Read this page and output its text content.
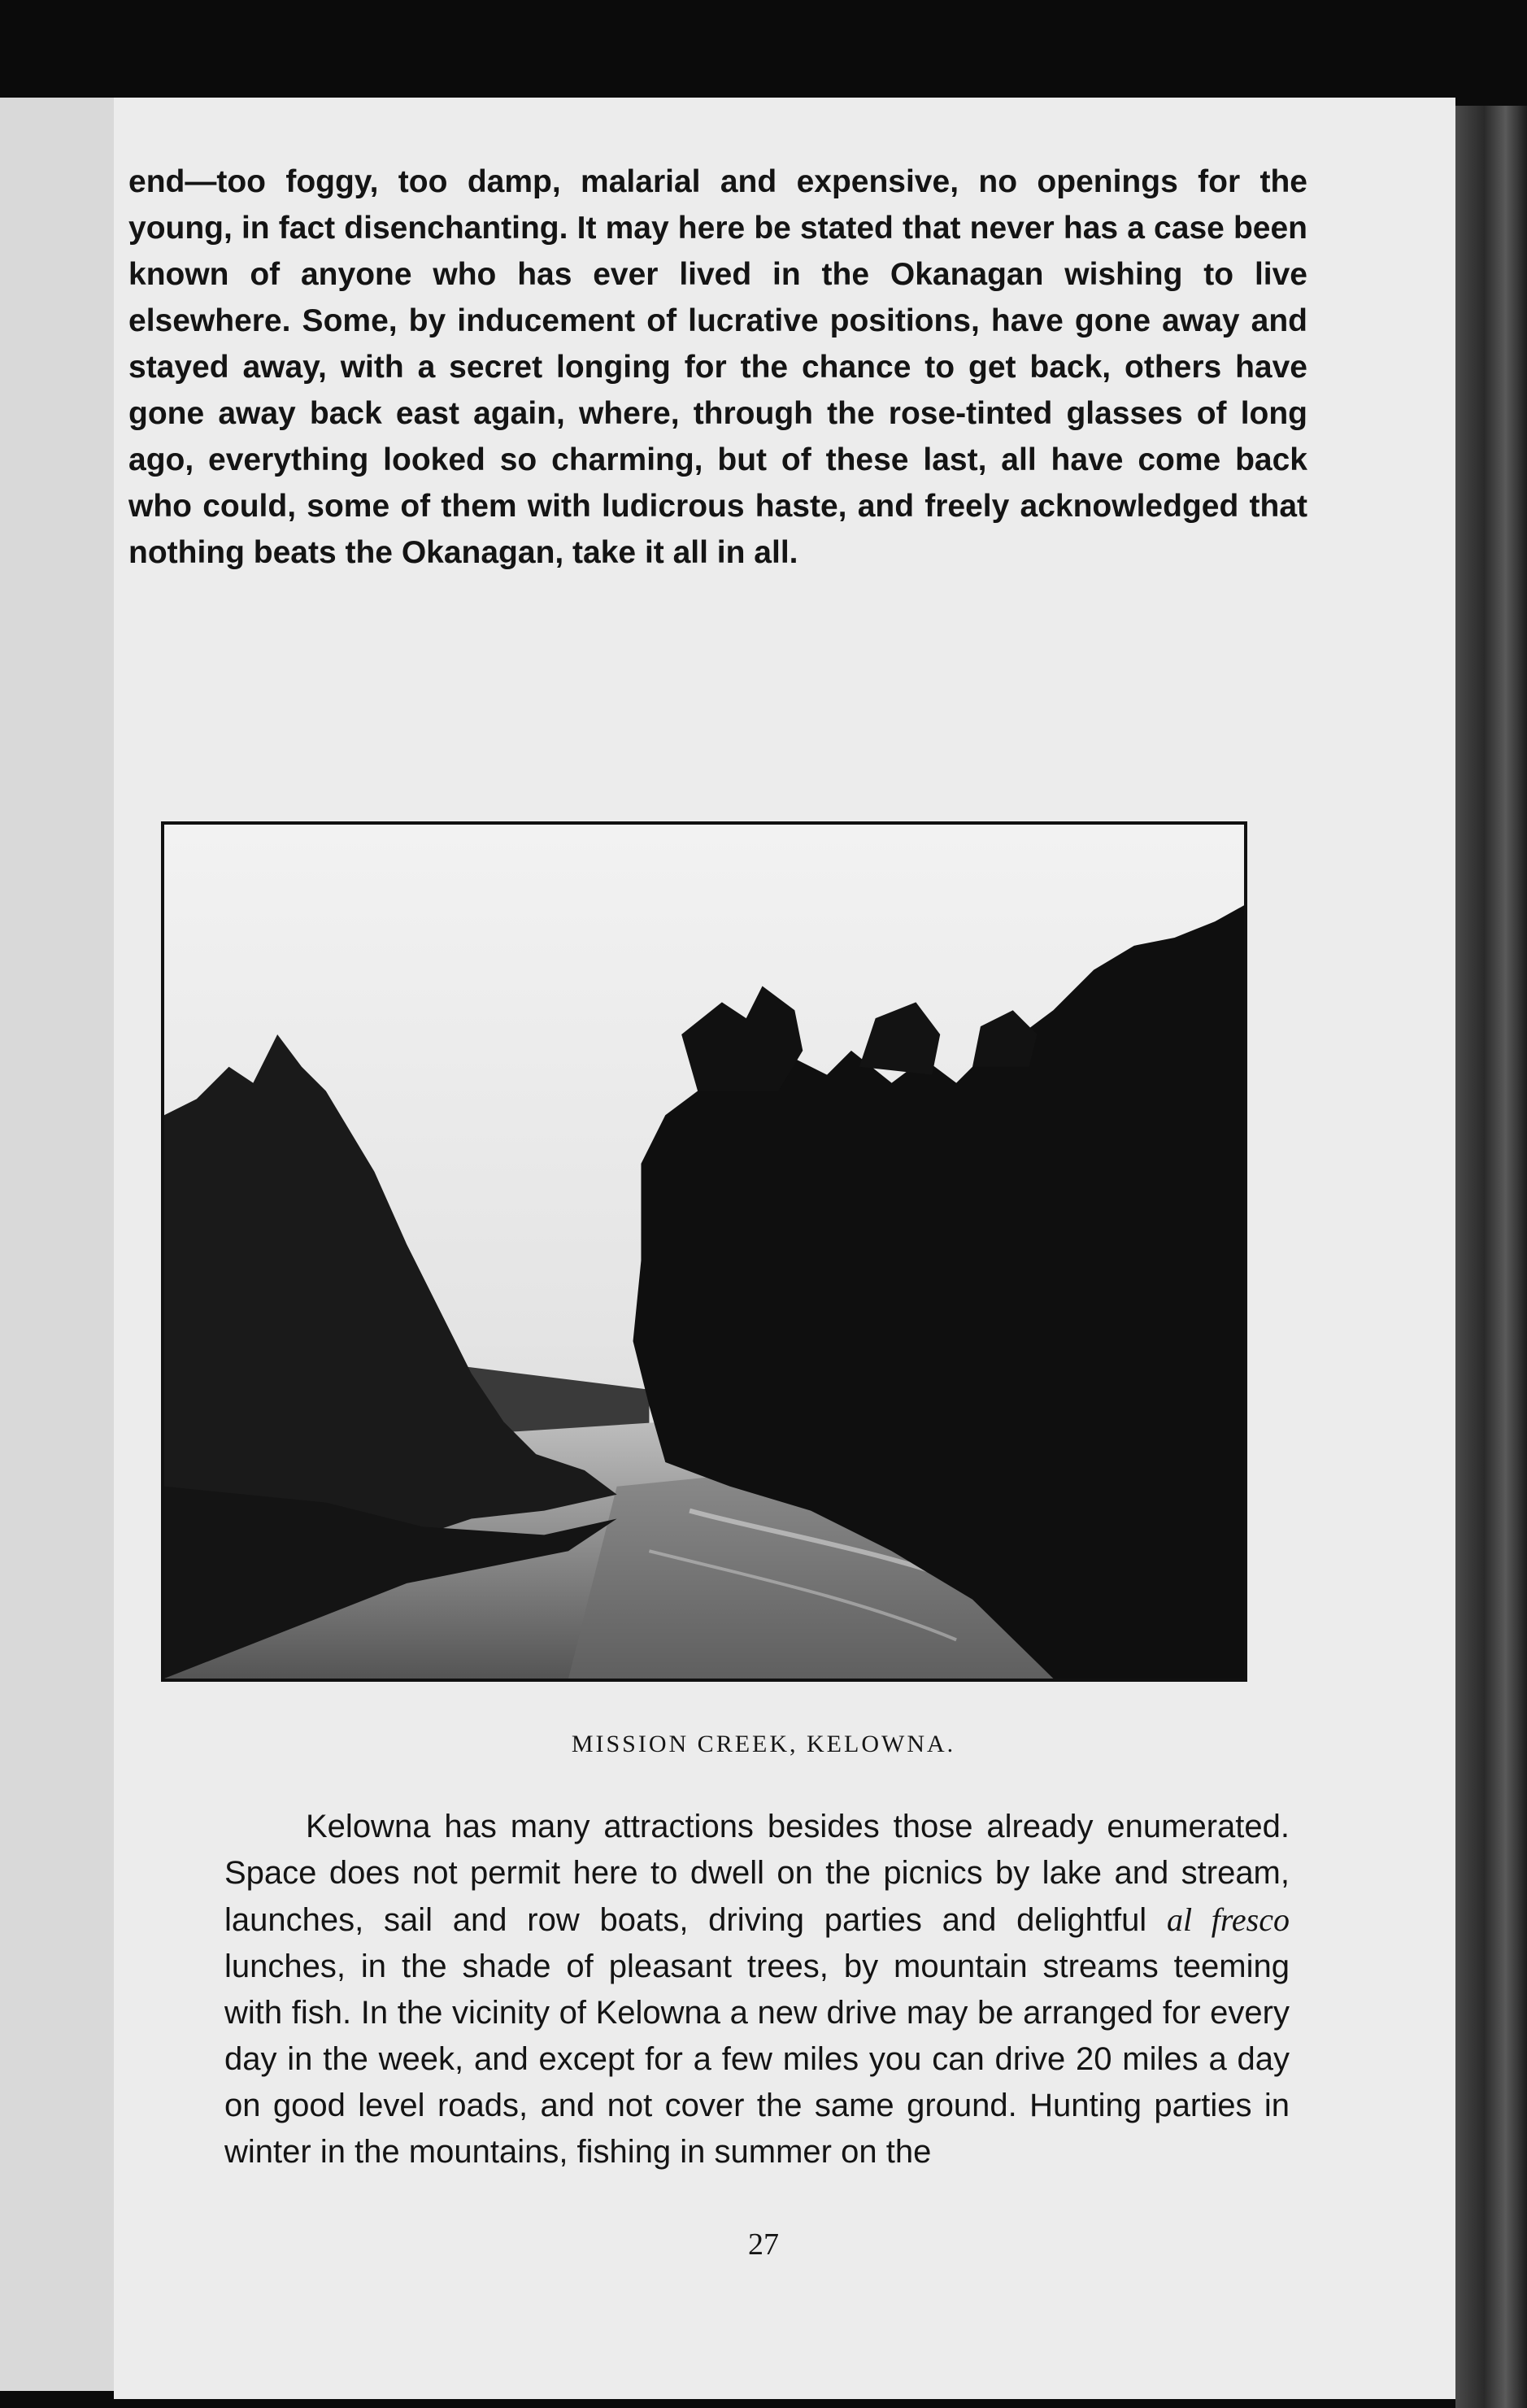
end—too foggy, too damp, malarial and expensive, no openings for the young, in fact disenchanting. It may here be stated that never has a case been known of anyone who has ever lived in the Okanagan wishing to live elsewhere. Some, by inducement of lucrative positions, have gone away and stayed away, with a secret longing for the chance to get back, others have gone away back east again, where, through the rose-tinted glasses of long ago, everything looked so charming, but of these last, all have come back who could, some of them with ludicrous haste, and freely acknowledged that nothing beats the Okanagan, take it all in all.

MISSION CREEK, KELOWNA.

Kelowna has many attractions besides those already enumerated. Space does not permit here to dwell on the picnics by lake and stream, launches, sail and row boats, driving parties and delightful al fresco lunches, in the shade of pleasant trees, by mountain streams teeming with fish. In the vicinity of Kelowna a new drive may be arranged for every day in the week, and except for a few miles you can drive 20 miles a day on good level roads, and not cover the same ground. Hunting parties in winter in the mountains, fishing in summer on the

27
